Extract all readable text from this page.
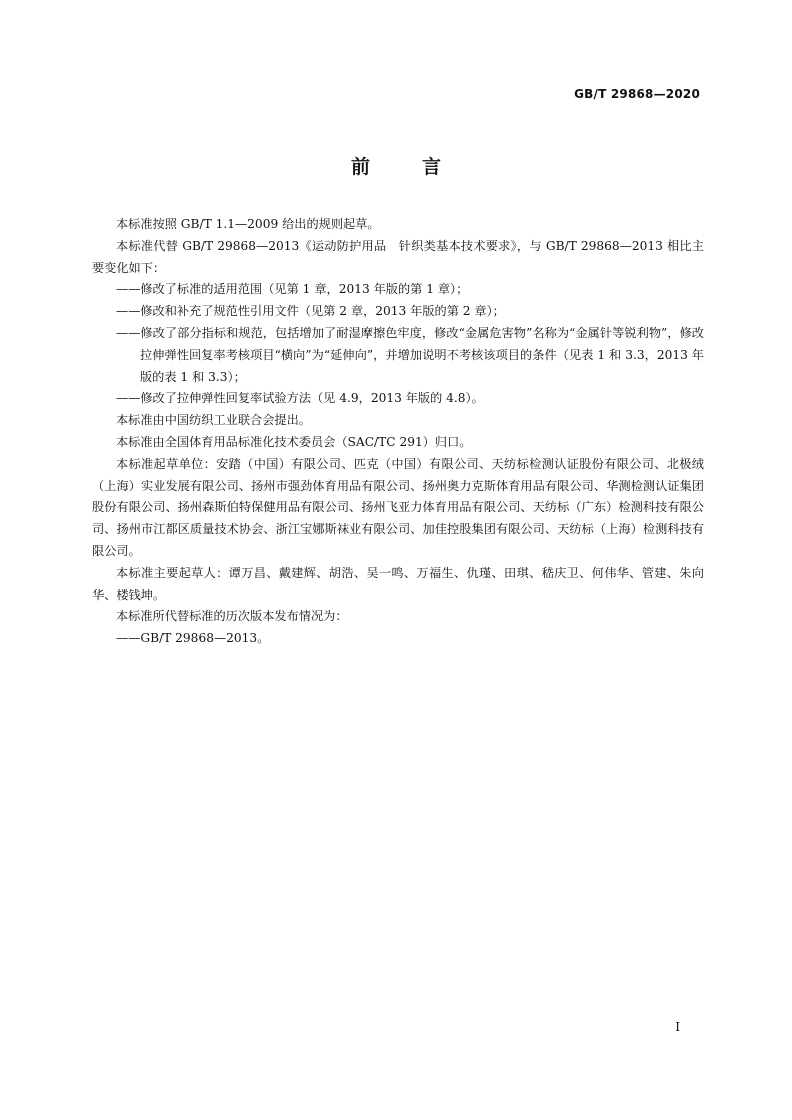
GB/T 29868—2020
前	言

本标准按照 GB/T 1.1—2009 给出的规则起草。

本标准代替 GB/T 29868—2013《运动防护用品　针织类基本技术要求》，与 GB/T 29868—2013 相比主要变化如下：

——修改了标准的适用范围（见第 1 章，2013 年版的第 1 章）；

——修改和补充了规范性引用文件（见第 2 章，2013 年版的第 2 章）；

——修改了部分指标和规范，包括增加了耐湿摩擦色牢度，修改“金属危害物”名称为“金属针等锐利物”，修改拉伸弹性回复率考核项目“横向”为“延伸向”，并增加说明不考核该项目的条件（见表 1 和 3.3，2013 年版的表 1 和 3.3）；

——修改了拉伸弹性回复率试验方法（见 4.9，2013 年版的 4.8）。

本标准由中国纺织工业联合会提出。

本标准由全国体育用品标准化技术委员会（SAC/TC 291）归口。

本标准起草单位：安踏（中国）有限公司、匹克（中国）有限公司、天纺标检测认证股份有限公司、北极绒（上海）实业发展有限公司、扬州市强劲体育用品有限公司、扬州奥力克斯体育用品有限公司、华测检测认证集团股份有限公司、扬州森斯伯特保健用品有限公司、扬州飞亚力体育用品有限公司、天纺标（广东）检测科技有限公司、扬州市江都区质量技术协会、浙江宝娜斯袜业有限公司、加佳控股集团有限公司、天纺标（上海）检测科技有限公司。

本标准主要起草人：谭万昌、戴建辉、胡浩、吴一鸣、万福生、仇瑾、田琪、嵇庆卫、何伟华、管建、朱向华、楼钱坤。

本标准所代替标准的历次版本发布情况为：

——GB/T 29868—2013。

I
